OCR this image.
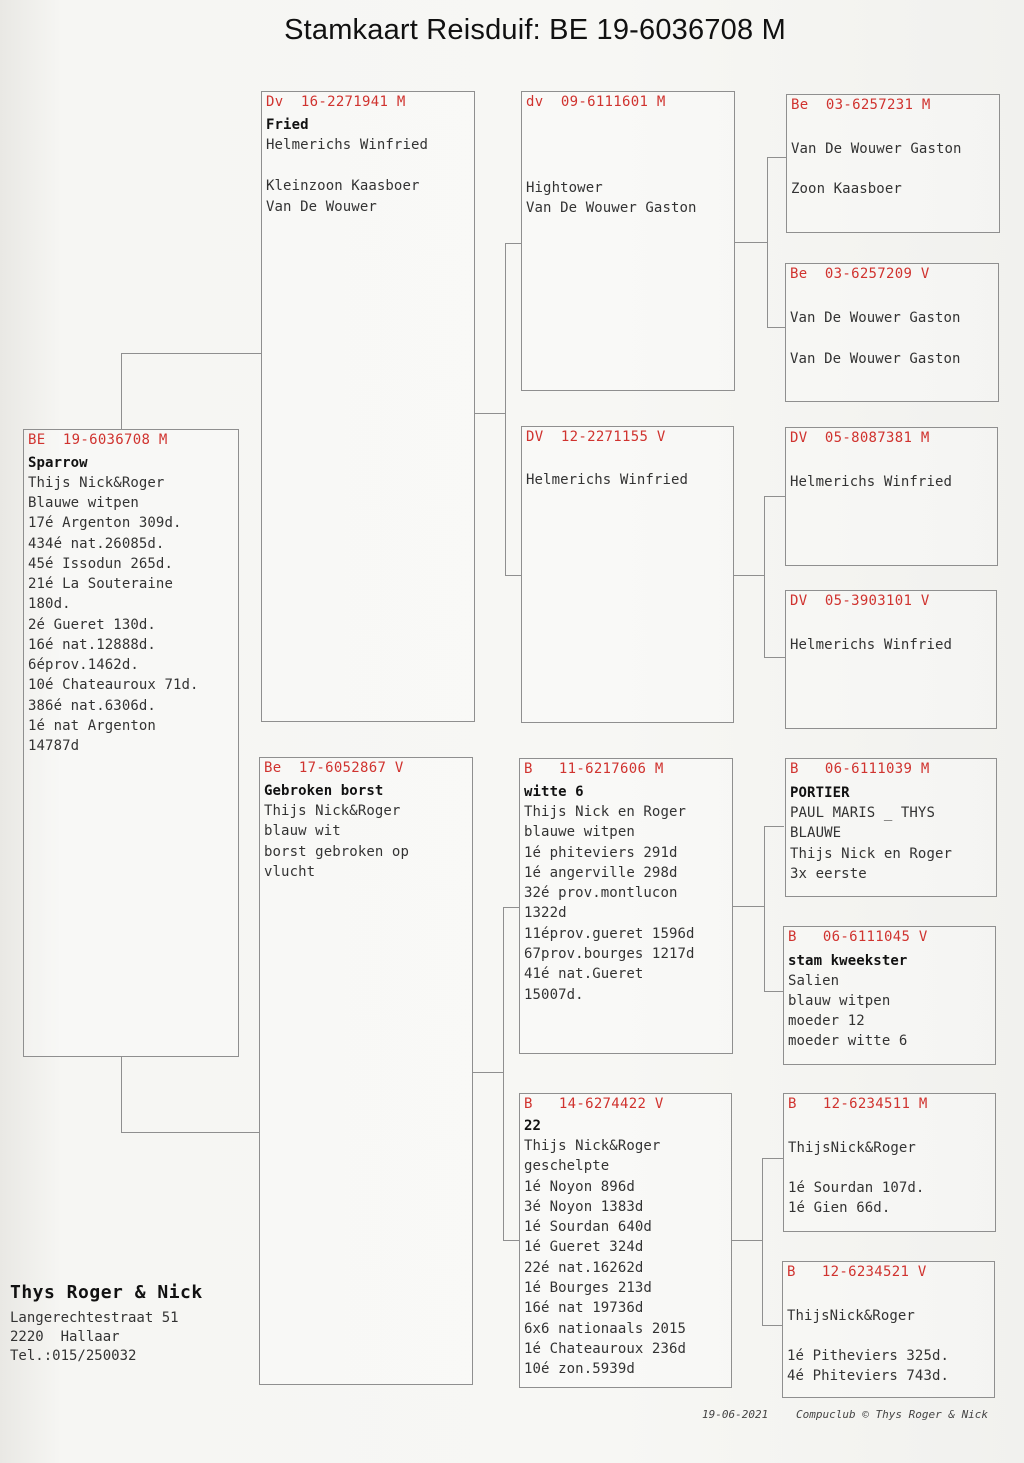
Stamkaart Reisduif: BE 19-6036708 M
BE  19-6036708 M
Sparrow
Thijs Nick&Roger
Blauwe witpen
17é Argenton 309d.
434é nat.26085d.
45é Issodun 265d.
21é La Souteraine
180d.
2é Gueret 130d.
16é nat.12888d.
6éprov.1462d.
10é Chateauroux 71d.
386é nat.6306d.
1é nat Argenton
14787d
Dv  16-2271941 M
Fried
Helmerichs Winfried
Kleinzoon Kaasboer
Van De Wouwer
Be  17-6052867 V
Gebroken borst
Thijs Nick&Roger
blauw wit
borst gebroken op
vlucht
dv  09-6111601 M
Hightower
Van De Wouwer Gaston
DV  12-2271155 V
Helmerichs Winfried
B   11-6217606 M
witte 6
Thijs Nick en Roger
blauwe witpen
1é phiteviers 291d
1é angerville 298d
32é prov.montlucon
1322d
11éprov.gueret 1596d
67prov.bourges 1217d
41é nat.Gueret
15007d.
B   14-6274422 V
22
Thijs Nick&Roger
geschelpte
1é Noyon 896d
3é Noyon 1383d
1é Sourdan 640d
1é Gueret 324d
22é nat.16262d
1é Bourges 213d
16é nat 19736d
6x6 nationaals 2015
1é Chateauroux 236d
10é zon.5939d
Be  03-6257231 M
Van De Wouwer Gaston
Zoon Kaasboer
Be  03-6257209 V
Van De Wouwer Gaston
Van De Wouwer Gaston
DV  05-8087381 M
Helmerichs Winfried
DV  05-3903101 V
Helmerichs Winfried
B   06-6111039 M
PORTIER
PAUL MARIS _ THYS
BLAUWE
Thijs Nick en Roger
3x eerste
B   06-6111045 V
stam kweekster
Salien
blauw witpen
moeder 12
moeder witte 6
B   12-6234511 M
ThijsNick&Roger
1é Sourdan 107d.
1é Gien 66d.
B   12-6234521 V
ThijsNick&Roger
1é Pitheviers 325d.
4é Phiteviers 743d.
Thys Roger & Nick
Langerechtestraat 51
2220  Hallaar
Tel.:015/250032
19-06-2021	Compuclub © Thys Roger & Nick
